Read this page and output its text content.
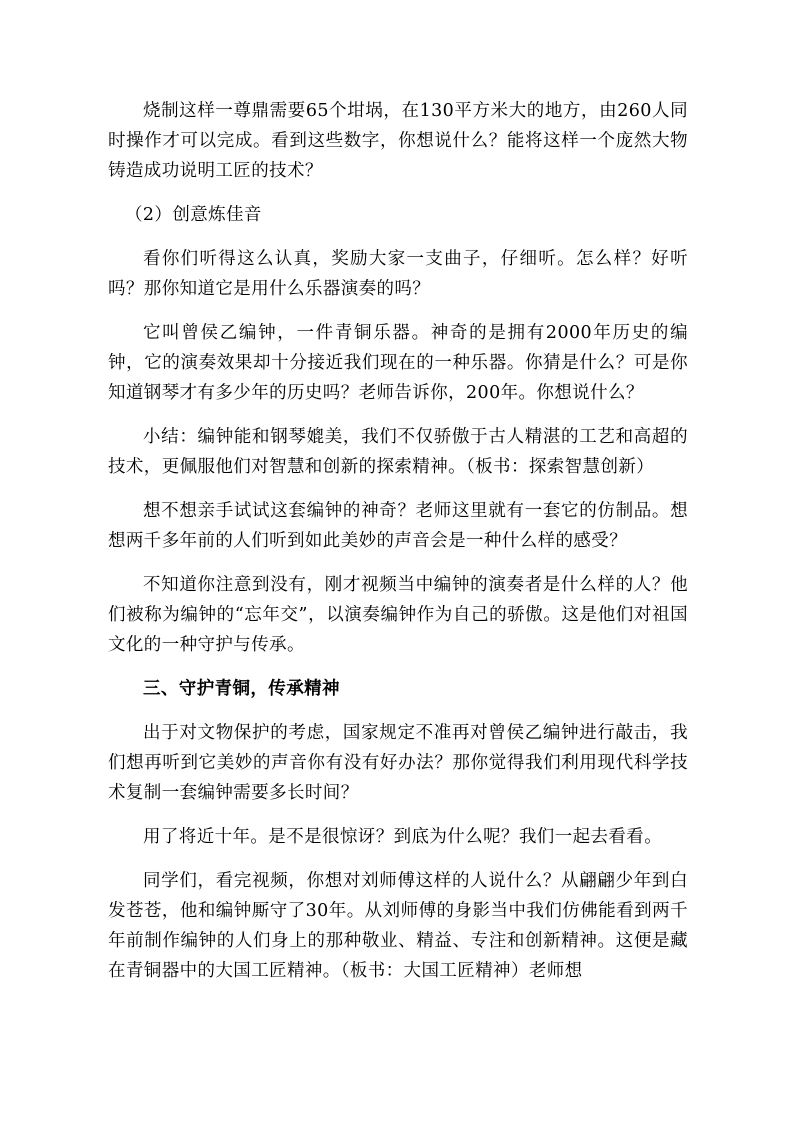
烧制这样一尊鼎需要65个坩埚，在130平方米大的地方，由260人同时操作才可以完成。看到这些数字，你想说什么？能将这样一个庞然大物铸造成功说明工匠的技术？

（2）创意炼佳音

看你们听得这么认真，奖励大家一支曲子，仔细听。怎么样？好听吗？那你知道它是用什么乐器演奏的吗？

它叫曾侯乙编钟，一件青铜乐器。神奇的是拥有2000年历史的编钟，它的演奏效果却十分接近我们现在的一种乐器。你猜是什么？可是你知道钢琴才有多少年的历史吗？老师告诉你，200年。你想说什么？

小结：编钟能和钢琴媲美，我们不仅骄傲于古人精湛的工艺和高超的技术，更佩服他们对智慧和创新的探索精神。（板书：探索智慧创新）

想不想亲手试试这套编钟的神奇？老师这里就有一套它的仿制品。想想两千多年前的人们听到如此美妙的声音会是一种什么样的感受？

不知道你注意到没有，刚才视频当中编钟的演奏者是什么样的人？他们被称为编钟的“忘年交”，以演奏编钟作为自己的骄傲。这是他们对祖国文化的一种守护与传承。

三、守护青铜，传承精神

出于对文物保护的考虑，国家规定不准再对曾侯乙编钟进行敲击，我们想再听到它美妙的声音你有没有好办法？那你觉得我们利用现代科学技术复制一套编钟需要多长时间？

用了将近十年。是不是很惊讶？到底为什么呢？我们一起去看看。

同学们，看完视频，你想对刘师傅这样的人说什么？从翩翩少年到白发苍苍，他和编钟厮守了30年。从刘师傅的身影当中我们仿佛能看到两千年前制作编钟的人们身上的那种敬业、精益、专注和创新精神。这便是藏在青铜器中的大国工匠精神。（板书：大国工匠精神）老师想
